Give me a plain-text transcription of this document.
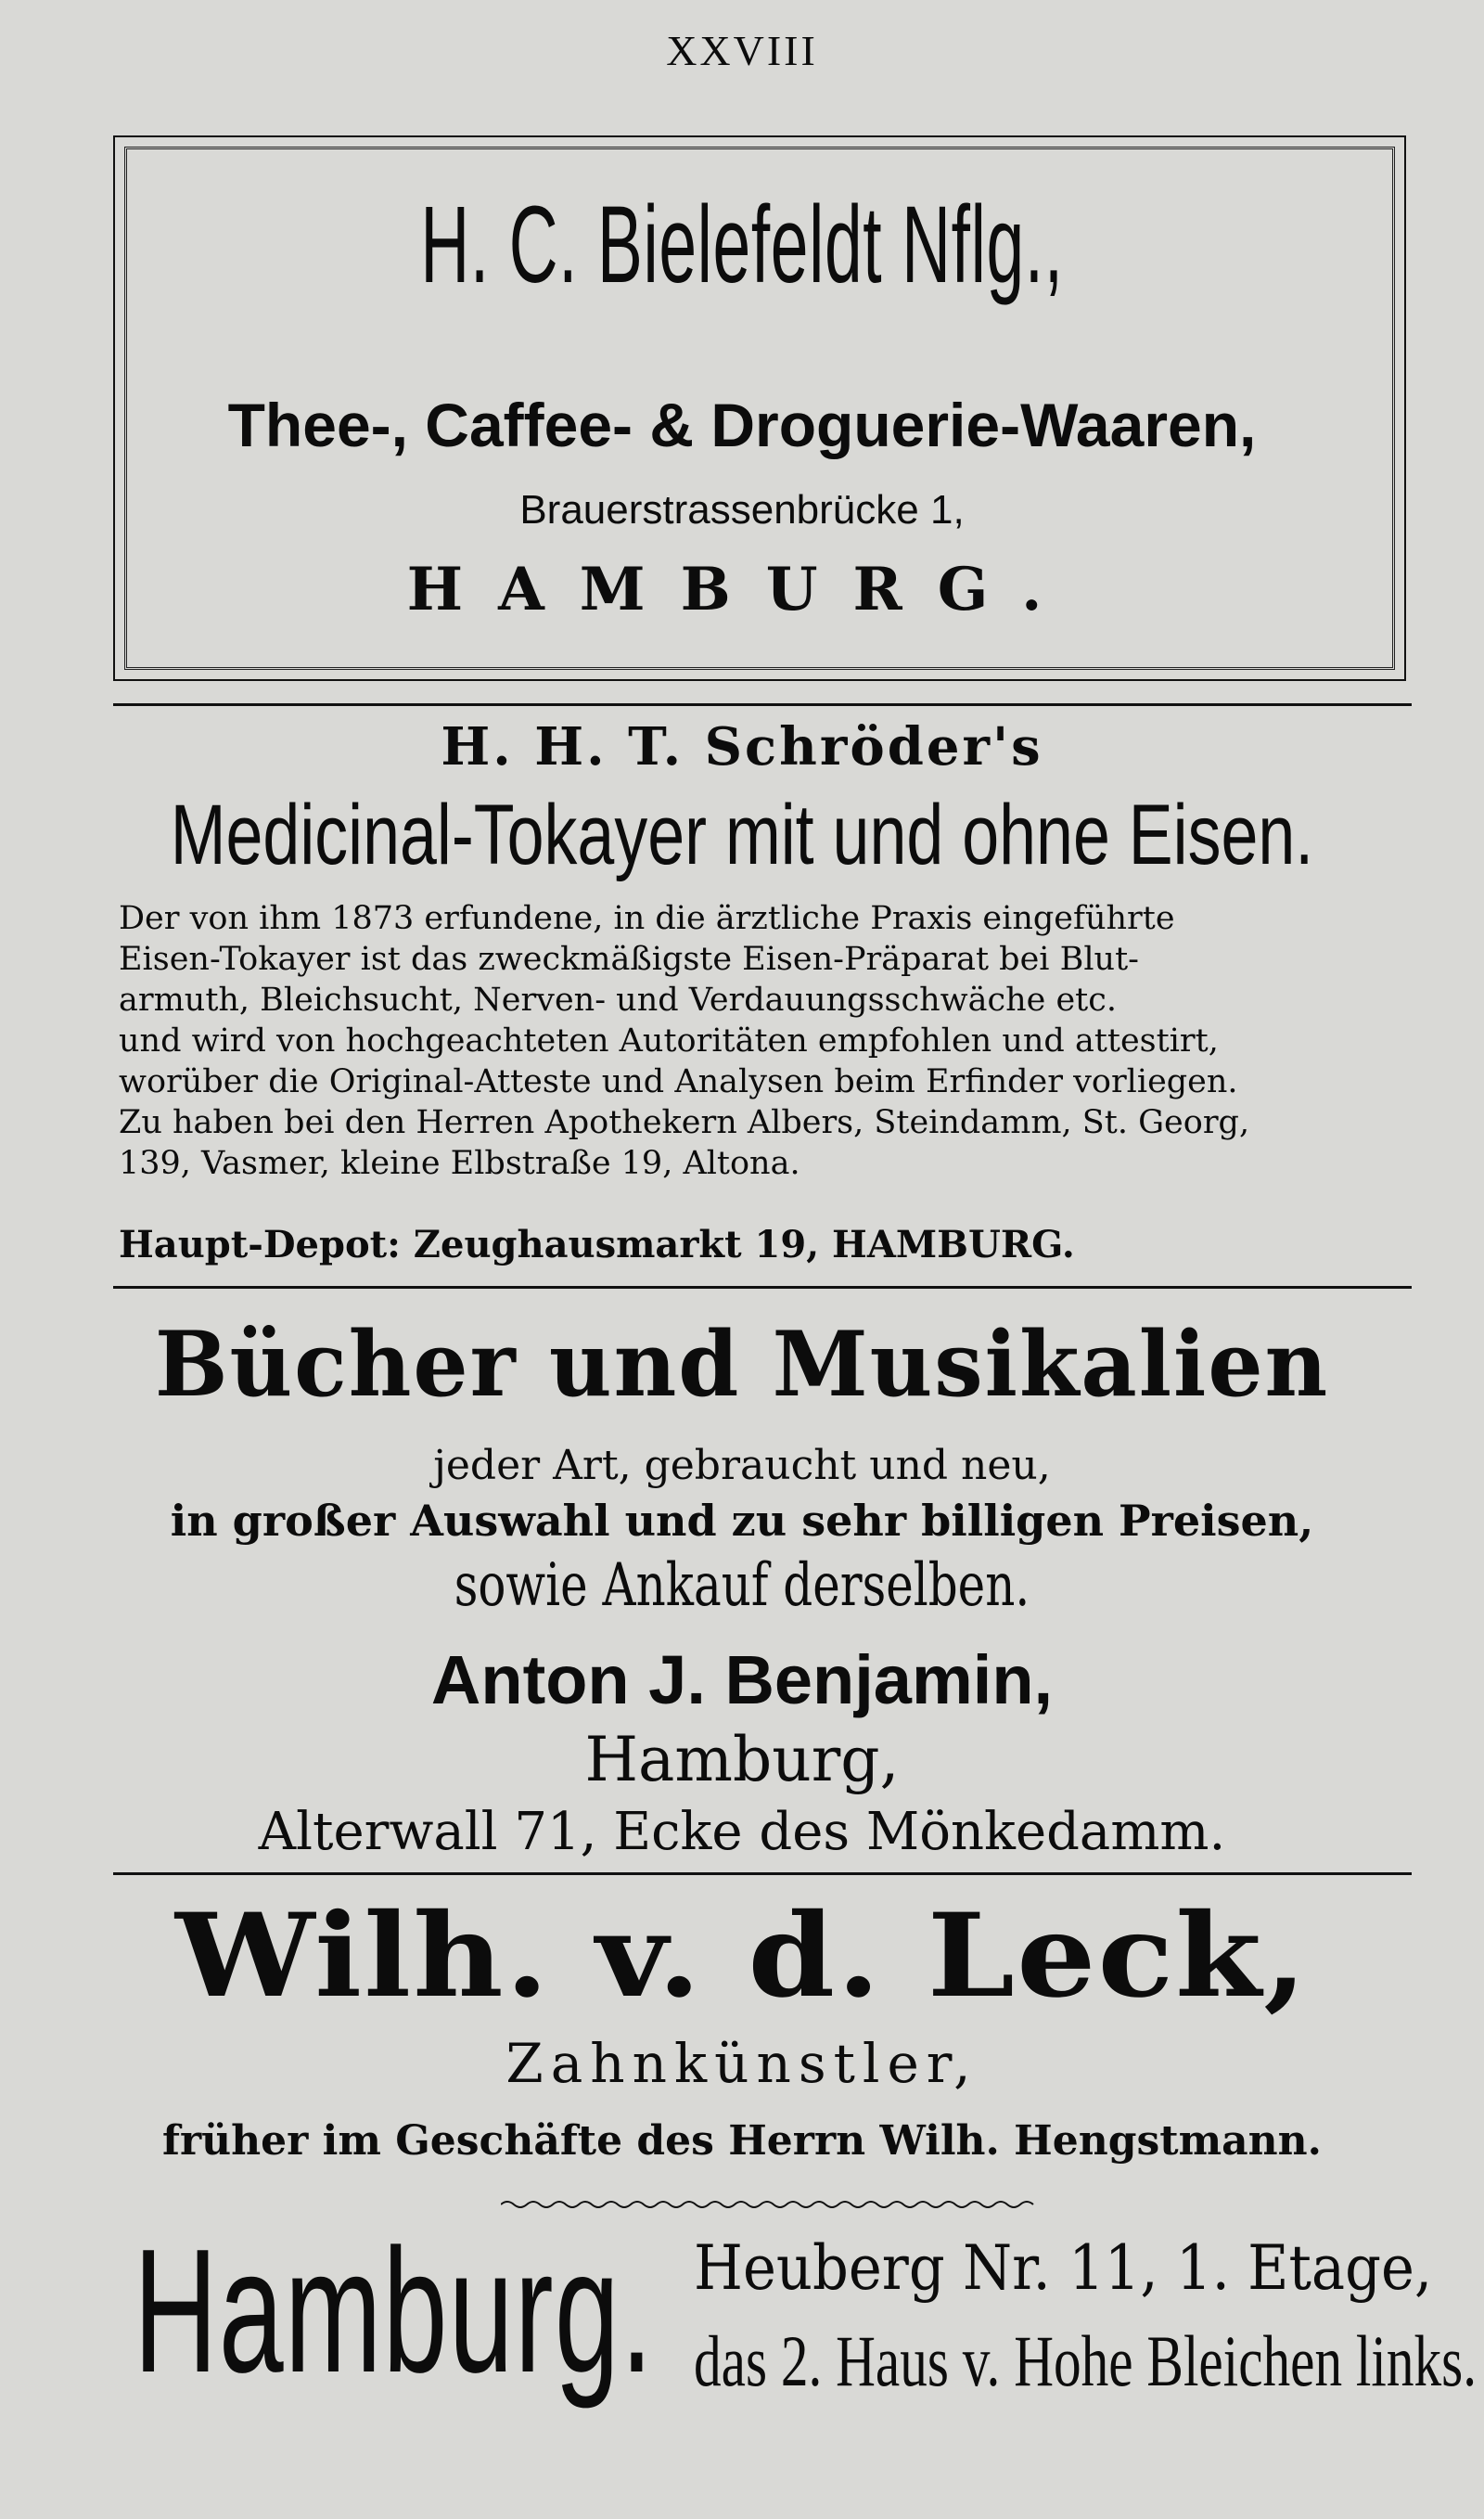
XXVIII
H. C. Bielefeldt Nflg.,
Thee-, Caffee- & Droguerie-Waaren,
Brauerstrassenbrücke 1,
HAMBURG.
H. H. T. Schröder's
Medicinal-Tokayer mit und ohne Eisen.
Der von ihm 1873 erfundene, in die ärztliche Praxis eingeführte
Eisen-Tokayer ist das zweckmäßigste Eisen-Präparat bei Blut-
armuth, Bleichsucht, Nerven- und Verdauungsschwäche etc.
und wird von hochgeachteten Autoritäten empfohlen und attestirt,
worüber die Original-Atteste und Analysen beim Erfinder vorliegen.
Zu haben bei den Herren Apothekern Albers, Steindamm, St. Georg,
139, Vasmer, kleine Elbstraße 19, Altona.
Haupt-Depot: Zeughausmarkt 19, HAMBURG.
Bücher und Musikalien
jeder Art, gebraucht und neu,
in großer Auswahl und zu sehr billigen Preisen,
sowie Ankauf derselben.
Anton J. Benjamin,
Hamburg,
Alterwall 71, Ecke des Mönkedamm.
Wilh. v. d. Leck,
Zahnkünstler,
früher im Geschäfte des Herrn Wilh. Hengstmann.
Hamburg. Heuberg Nr. 11, 1. Etage,
das 2. Haus v. Hohe Bleichen links.
